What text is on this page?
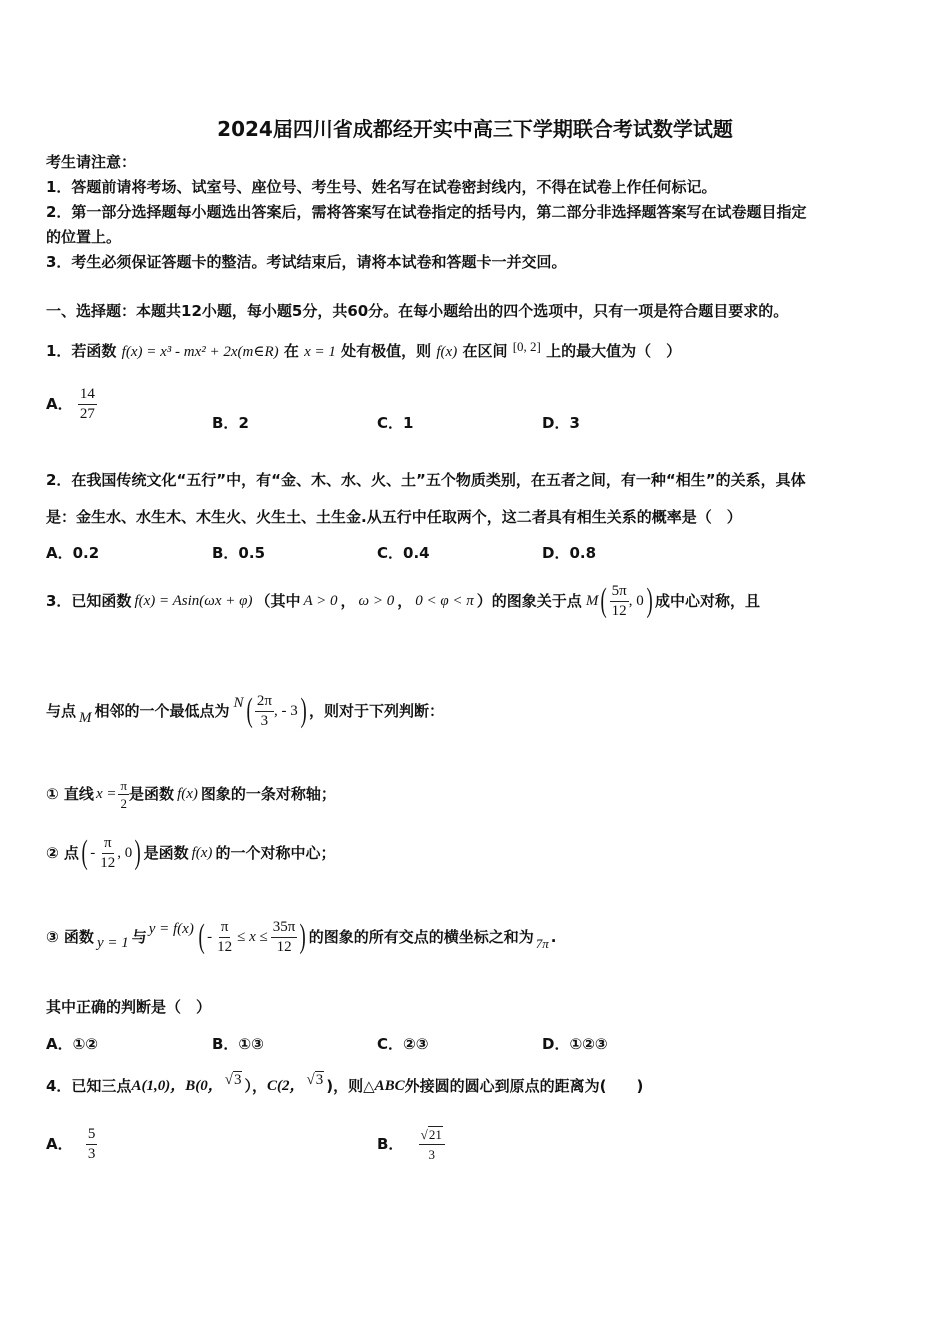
2024届四川省成都经开实中高三下学期联合考试数学试题
考生请注意：
1．答题前请将考场、试室号、座位号、考生号、姓名写在试卷密封线内，不得在试卷上作任何标记。
2．第一部分选择题每小题选出答案后，需将答案写在试卷指定的括号内，第二部分非选择题答案写在试卷题目指定
的位置上。
3．考生必须保证答题卡的整洁。考试结束后，请将本试卷和答题卡一并交回。
一、选择题：本题共12小题，每小题5分，共60分。在每小题给出的四个选项中，只有一项是符合题目要求的。
1．若函数 f(x) = x³ - mx² + 2x(m∈R) 在 x = 1 处有极值，则 f(x) 在区间 [0, 2] 上的最大值为（　）
A． $\frac{14}{27}$	B．2	C．1	D．3
2．在我国传统文化“五行”中，有“金、木、水、火、土”五个物质类别，在五者之间，有一种“相生”的关系，具体
是：金生水、水生木、木生火、火生土、土生金.从五行中任取两个，这二者具有相生关系的概率是（　）
A．0.2	B．0.5	C．0.4	D．0.8
3．已知函数 f(x) = Asin(ωx + φ) （其中 A > 0 ， ω > 0 ， 0 < φ < π ）的图象关于点 M ( $\frac{5\pi}{12}$ , 0 ) 成中心对称，且
与点 M 相邻的一个最低点为 N ( $\frac{2\pi}{3}$ , - 3 ) ，则对于下列判断：
① 直线 $x = \frac{\pi}{2}$ 是函数 f(x) 图象的一条对称轴；
② 点 ( - $\frac{\pi}{12}$ , 0 ) 是函数 f(x) 的一个对称中心；
③ 函数 y = 1 与 y = f(x) ( - $\frac{\pi}{12} \le x \le \frac{35\pi}{12}$ ) 的图象的所有交点的横坐标之和为 7π .
其中正确的判断是（　）
A．①②	B．①③	C．②③	D．①②③
4．已知三点 A(1,0)， B(0， √3 ）， C(2， √3 )，则△ ABC 外接圆的圆心到原点的距离为(　　)
A． $\frac{5}{3}$	B． $\frac{√21}{3}$
